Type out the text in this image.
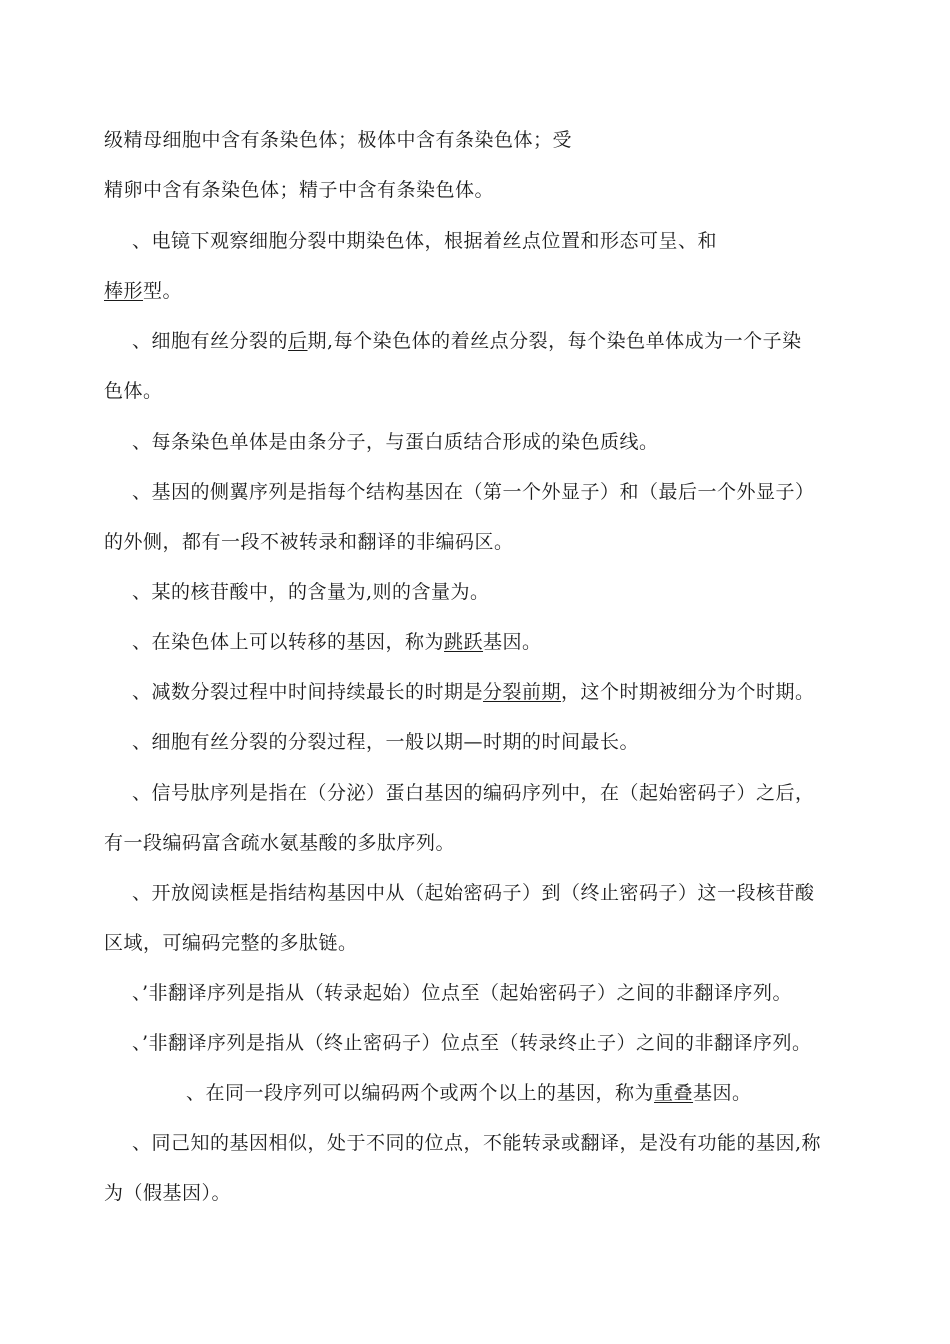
级精母细胞中含有条染色体；极体中含有条染色体；受
精卵中含有条染色体；精子中含有条染色体。
、电镜下观察细胞分裂中期染色体，根据着丝点位置和形态可呈、和
棒形型。
、细胞有丝分裂的后期,每个染色体的着丝点分裂，每个染色单体成为一个子染
色体。
、每条染色单体是由条分子，与蛋白质结合形成的染色质线。
、基因的侧翼序列是指每个结构基因在（第一个外显子）和（最后一个外显子）
的外侧，都有一段不被转录和翻译的非编码区。
、某的核苷酸中，的含量为,则的含量为。
、在染色体上可以转移的基因，称为跳跃基因。
、减数分裂过程中时间持续最长的时期是分裂前期，这个时期被细分为个时期。
、细胞有丝分裂的分裂过程，一般以期—时期的时间最长。
、信号肽序列是指在（分泌）蛋白基因的编码序列中，在（起始密码子）之后，
有一段编码富含疏水氨基酸的多肽序列。
、开放阅读框是指结构基因中从（起始密码子）到（终止密码子）这一段核苷酸
区域，可编码完整的多肽链。
、’非翻译序列是指从（转录起始）位点至（起始密码子）之间的非翻译序列。
、’非翻译序列是指从（终止密码子）位点至（转录终止子）之间的非翻译序列。
、在同一段序列可以编码两个或两个以上的基因，称为重叠基因。
、同己知的基因相似，处于不同的位点，不能转录或翻译，是没有功能的基因,称
为（假基因）。
